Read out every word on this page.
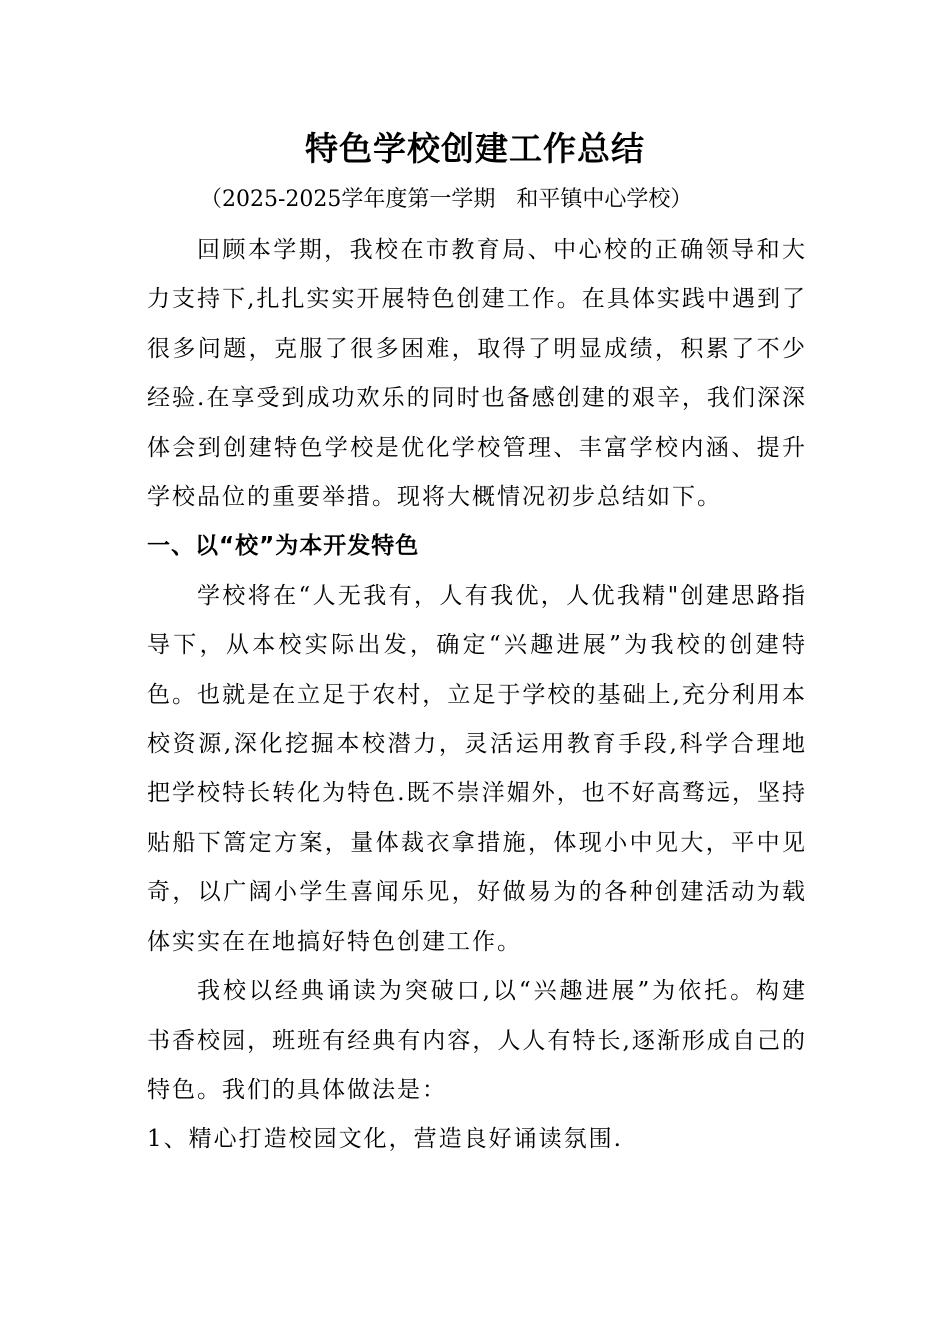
特色学校创建工作总结
（2025-2025学年度第一学期   和平镇中心学校）

回顾本学期，我校在市教育局、中心校的正确领导和大力支持下,扎扎实实开展特色创建工作。在具体实践中遇到了很多问题，克服了很多困难，取得了明显成绩，积累了不少经验.在享受到成功欢乐的同时也备感创建的艰辛，我们深深体会到创建特色学校是优化学校管理、丰富学校内涵、提升学校品位的重要举措。现将大概情况初步总结如下。

一、以“校”为本开发特色

学校将在“人无我有，人有我优，人优我精"创建思路指导下，从本校实际出发，确定“兴趣进展”为我校的创建特色。也就是在立足于农村，立足于学校的基础上,充分利用本校资源,深化挖掘本校潜力，灵活运用教育手段,科学合理地把学校特长转化为特色.既不崇洋媚外，也不好高骛远，坚持贴船下篙定方案，量体裁衣拿措施，体现小中见大，平中见奇，以广阔小学生喜闻乐见，好做易为的各种创建活动为载体实实在在地搞好特色创建工作。

我校以经典诵读为突破口,以“兴趣进展”为依托。构建书香校园，班班有经典有内容，人人有特长,逐渐形成自己的特色。我们的具体做法是：

1、精心打造校园文化，营造良好诵读氛围.
